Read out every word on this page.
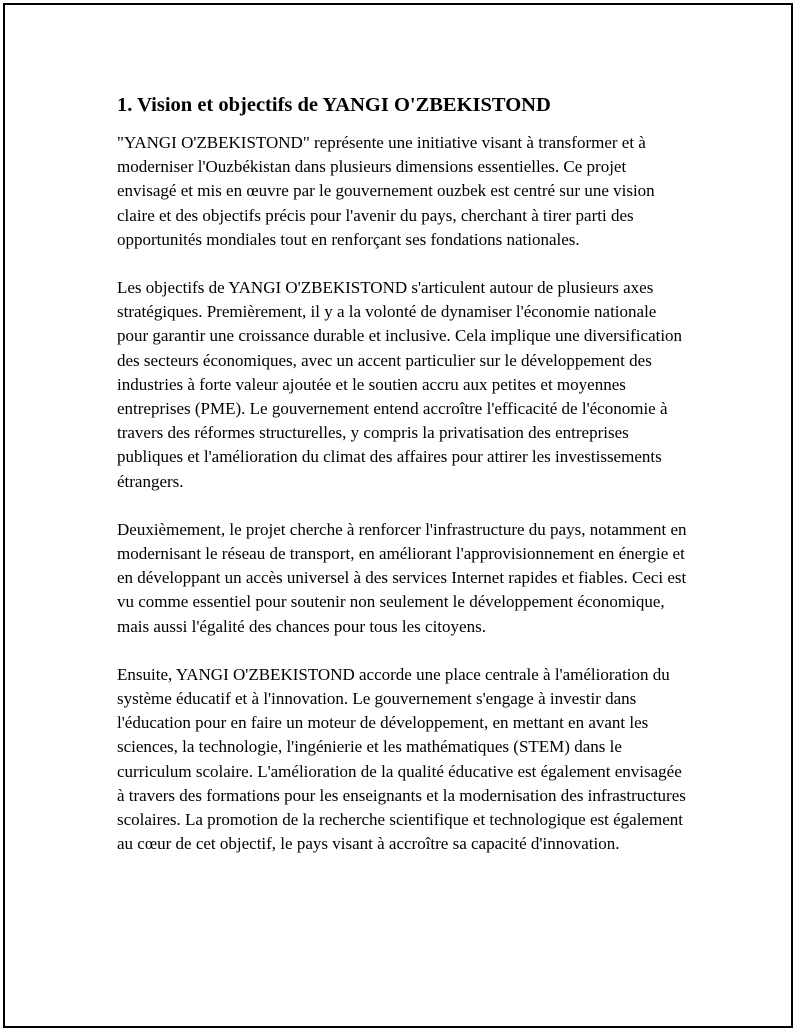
1. Vision et objectifs de YANGI O'ZBEKISTOND

"YANGI O'ZBEKISTOND" représente une initiative visant à transformer et à moderniser l'Ouzbékistan dans plusieurs dimensions essentielles. Ce projet envisagé et mis en œuvre par le gouvernement ouzbek est centré sur une vision claire et des objectifs précis pour l'avenir du pays, cherchant à tirer parti des opportunités mondiales tout en renforçant ses fondations nationales.

Les objectifs de YANGI O'ZBEKISTOND s'articulent autour de plusieurs axes stratégiques. Premièrement, il y a la volonté de dynamiser l'économie nationale pour garantir une croissance durable et inclusive. Cela implique une diversification des secteurs économiques, avec un accent particulier sur le développement des industries à forte valeur ajoutée et le soutien accru aux petites et moyennes entreprises (PME). Le gouvernement entend accroître l'efficacité de l'économie à travers des réformes structurelles, y compris la privatisation des entreprises publiques et l'amélioration du climat des affaires pour attirer les investissements étrangers.

Deuxièmement, le projet cherche à renforcer l'infrastructure du pays, notamment en modernisant le réseau de transport, en améliorant l'approvisionnement en énergie et en développant un accès universel à des services Internet rapides et fiables. Ceci est vu comme essentiel pour soutenir non seulement le développement économique, mais aussi l'égalité des chances pour tous les citoyens.

Ensuite, YANGI O'ZBEKISTOND accorde une place centrale à l'amélioration du système éducatif et à l'innovation. Le gouvernement s'engage à investir dans l'éducation pour en faire un moteur de développement, en mettant en avant les sciences, la technologie, l'ingénierie et les mathématiques (STEM) dans le curriculum scolaire. L'amélioration de la qualité éducative est également envisagée à travers des formations pour les enseignants et la modernisation des infrastructures scolaires. La promotion de la recherche scientifique et technologique est également au cœur de cet objectif, le pays visant à accroître sa capacité d'innovation.
